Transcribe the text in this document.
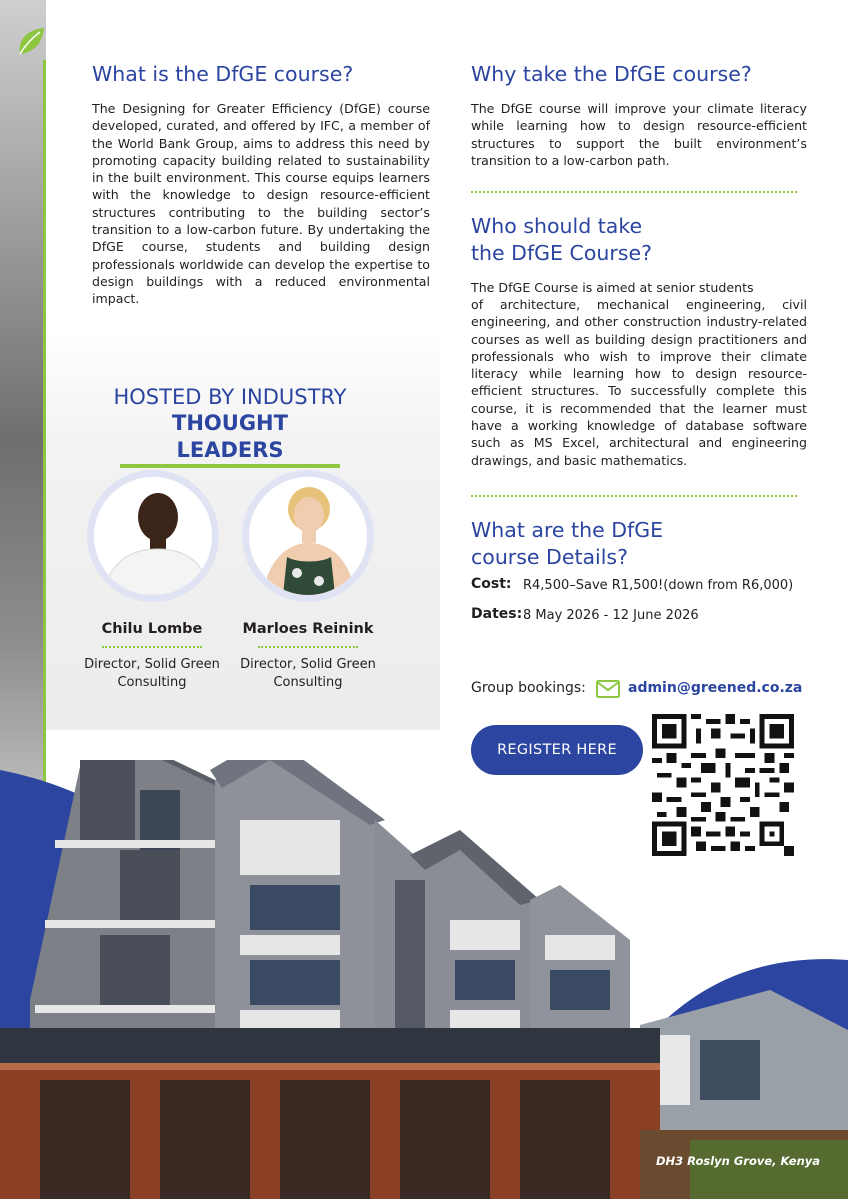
What is the DfGE course?

The Designing for Greater Efficiency (DfGE) course developed, curated, and offered by IFC, a member of the World Bank Group, aims to address this need by promoting capacity building related to sustainability in the built environment. This course equips learners with the knowledge to design resource-efficient structures contributing to the building sector’s transition to a low-carbon future. By undertaking the DfGE course, students and building design professionals worldwide can develop the expertise to design buildings with a reduced environmental impact.

HOSTED BY INDUSTRY
THOUGHT LEADERS
Chilu Lombe
Director, Solid Green
Consulting
Marloes Reinink
Director, Solid Green
Consulting
Why take the DfGE course?

The DfGE course will improve your climate literacy while learning how to design resource-efficient structures to support the built environment’s transition to a low-carbon path.

Who should take
the DfGE Course?

The DfGE Course is aimed at senior students

of architecture, mechanical engineering, civil engineering, and other construction industry-related courses as well as building design practitioners and professionals who wish to improve their climate literacy while learning how to design resource- efficient structures. To successfully complete this course, it is recommended that the learner must have a working knowledge of database software such as MS Excel, architectural and engineering drawings, and basic mathematics.

What are the DfGE
course Details?
Cost: R4,500–Save R1,500!(down from R6,000)
Dates: 8 May 2026 - 12 June 2026
Group bookings:	admin@greened.co.za
REGISTER HERE
DH3 Roslyn Grove, Kenya
